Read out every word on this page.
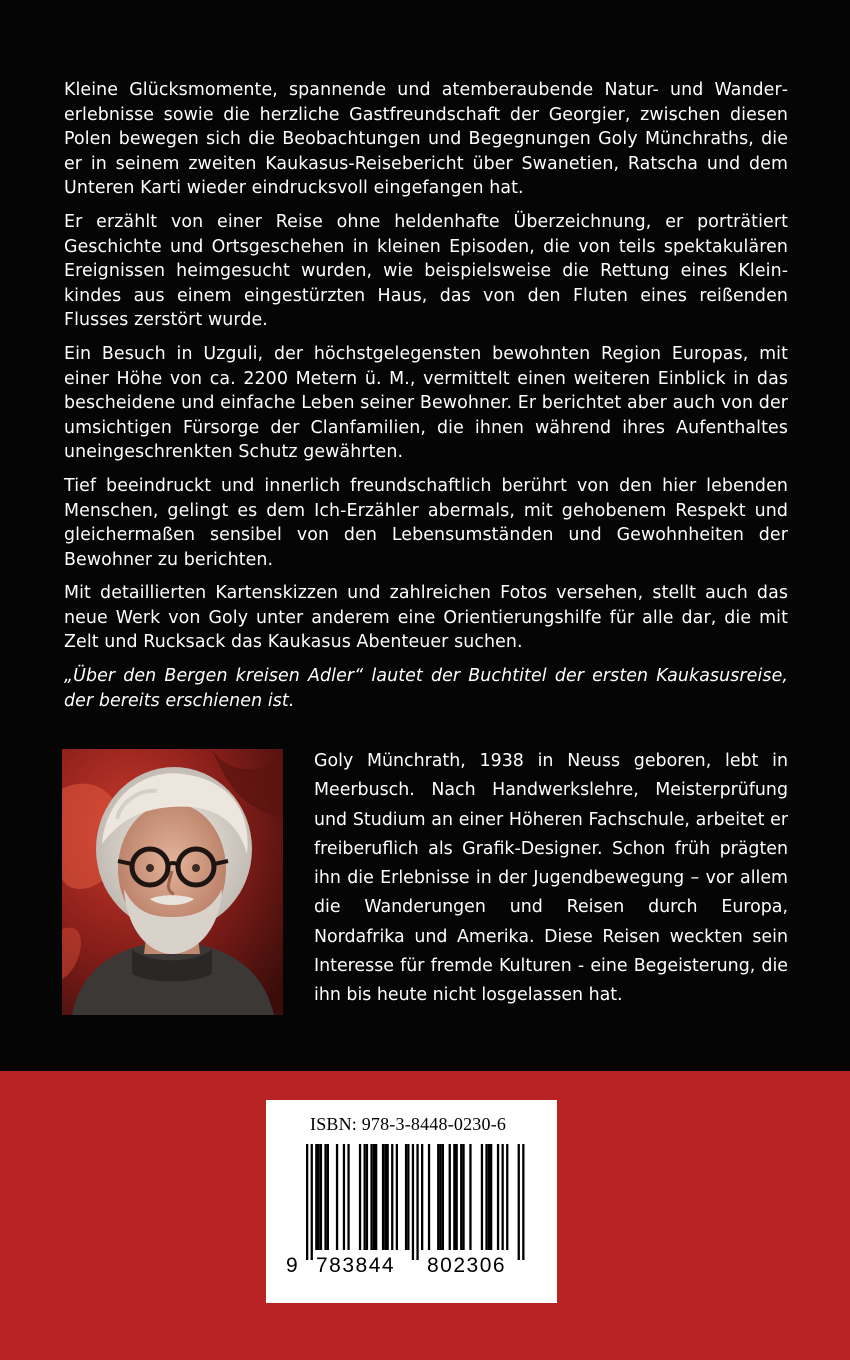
Kleine Glücksmomente, spannende und atemberaubende Natur- und Wandererlebnisse sowie die herzliche Gastfreundschaft der Georgier, zwischen diesen Polen bewegen sich die Beobachtungen und Begegnungen Goly Münchraths, die er in seinem zweiten Kaukasus-Reisebericht über Swanetien, Ratscha und dem Unteren Karti wieder eindrucksvoll eingefangen hat.

Er erzählt von einer Reise ohne heldenhafte Überzeichnung, er porträtiert Geschichte und Ortsgeschehen in kleinen Episoden, die von teils spektakulären Ereignissen heimgesucht wurden, wie beispielsweise die Rettung eines Kleinkindes aus einem eingestürzten Haus, das von den Fluten eines reißenden Flusses zerstört wurde.

Ein Besuch in Uzguli, der höchstgelegensten bewohnten Region Europas, mit einer Höhe von ca. 2200 Metern ü. M., vermittelt einen weiteren Einblick in das bescheidene und einfache Leben seiner Bewohner. Er berichtet aber auch von der umsichtigen Fürsorge der Clanfamilien, die ihnen während ihres Aufenthaltes uneingeschrenkten Schutz gewährten.

Tief beeindruckt und innerlich freundschaftlich berührt von den hier lebenden Menschen, gelingt es dem Ich-Erzähler abermals, mit gehobenem Respekt und gleichermaßen sensibel von den Lebensumständen und Gewohnheiten der Bewohner zu berichten.

Mit detaillierten Kartenskizzen und zahlreichen Fotos versehen, stellt auch das neue Werk von Goly unter anderem eine Orientierungshilfe für alle dar, die mit Zelt und Rucksack das Kaukasus Abenteuer suchen.

„Über den Bergen kreisen Adler“ lautet der Buchtitel der ersten Kaukasusreise, der bereits erschienen ist.

Goly Münchrath, 1938 in Neuss geboren, lebt in Meerbusch. Nach Handwerkslehre, Meisterprüfung und Studium an einer Höheren Fachschule, arbeitet er freiberuflich als Grafik-Designer. Schon früh prägten ihn die Erlebnisse in der Jugendbewegung – vor allem die Wanderungen und Reisen durch Europa, Nordafrika und Amerika. Diese Reisen weckten sein Interesse für fremde Kulturen - eine Begeisterung, die ihn bis heute nicht losgelassen hat.
ISBN: 978-3-8448-0230-6
9 783844 802306
